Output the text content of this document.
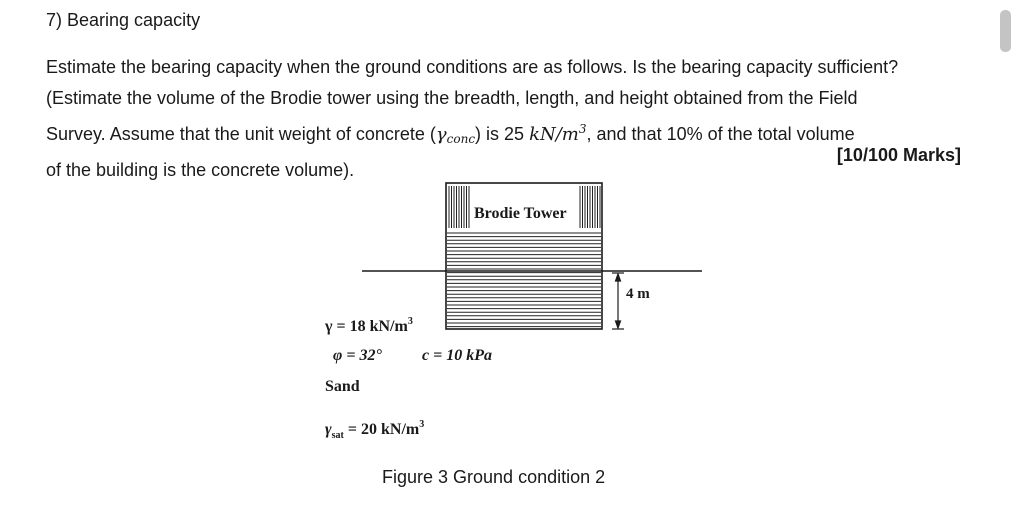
7) Bearing capacity
Estimate the bearing capacity when the ground conditions are as follows. Is the bearing capacity sufficient?
(Estimate the volume of the Brodie tower using the breadth, length, and height obtained from the Field
Survey. Assume that the unit weight of concrete $(\gamma_{conc})$ is 25 $kN/m^3$, and that 10% of the total volume
of the building is the concrete volume).
[10/100 Marks]
Brodie Tower
4 m
γ = 18 $kN/m^3$
φ = 32°	c = 10 kPa
Sand
$\gamma_{sat} = 20$ $kN/m^3$
Figure 3 Ground condition 2
